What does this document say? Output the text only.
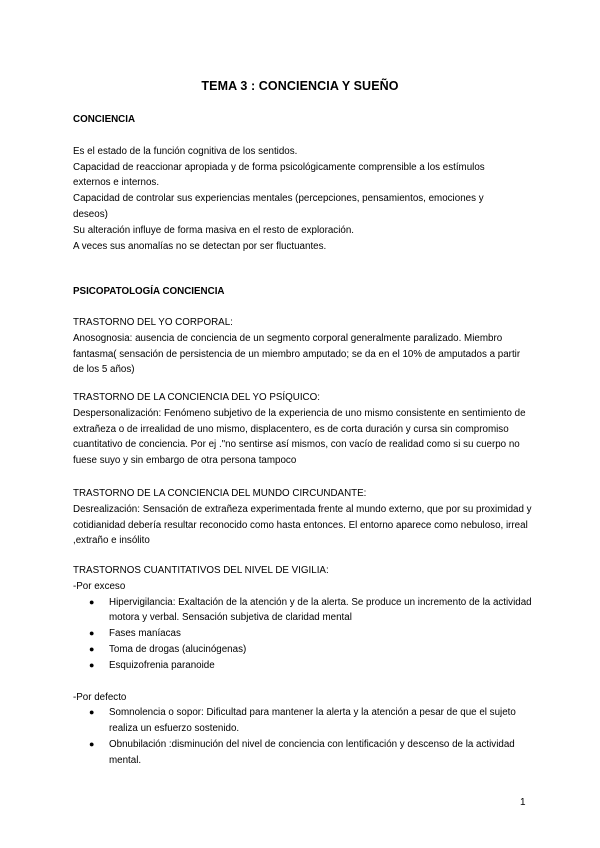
TEMA 3 : CONCIENCIA Y SUEÑO
CONCIENCIA
Es el estado de la función cognitiva de los sentidos.
Capacidad de reaccionar apropiada y de forma psicológicamente comprensible a los estímulos externos e internos.
Capacidad de controlar sus experiencias mentales (percepciones, pensamientos, emociones y deseos)
Su alteración influye de forma masiva en el resto de exploración.
A veces sus anomalías no se detectan por ser fluctuantes.
PSICOPATOLOGÍA CONCIENCIA
TRASTORNO DEL YO CORPORAL:
Anosognosia: ausencia de conciencia de un segmento corporal generalmente paralizado. Miembro fantasma( sensación de persistencia de un miembro amputado; se da en el 10% de amputados a partir de los 5 años)
TRASTORNO DE LA CONCIENCIA DEL YO PSÍQUICO:
Despersonalización: Fenómeno subjetivo de la experiencia de uno mismo consistente en sentimiento de extrañeza o de irrealidad de uno mismo, displacentero, es de corta duración y cursa sin compromiso cuantitativo de conciencia. Por ej ."no sentirse así mismos, con vacío de realidad como si su cuerpo no fuese suyo y sin embargo de otra persona tampoco
TRASTORNO DE LA CONCIENCIA DEL MUNDO CIRCUNDANTE:
Desrealización: Sensación de extrañeza experimentada frente al mundo externo, que por su proximidad y cotidianidad debería resultar reconocido como hasta entonces. El entorno aparece como nebuloso, irreal ,extraño e insólito
TRASTORNOS CUANTITATIVOS DEL NIVEL DE VIGILIA:
-Por exceso
● Hipervigilancia: Exaltación de la atención y de la alerta. Se produce un incremento de la actividad motora y verbal. Sensación subjetiva de claridad mental
● Fases maníacas
● Toma de drogas (alucinógenas)
● Esquizofrenia paranoide
-Por defecto
● Somnolencia o sopor: Dificultad para mantener la alerta y la atención a pesar de que el sujeto realiza un esfuerzo sostenido.
● Obnubilación :disminución del nivel de conciencia con lentificación y descenso de la actividad mental.
1
